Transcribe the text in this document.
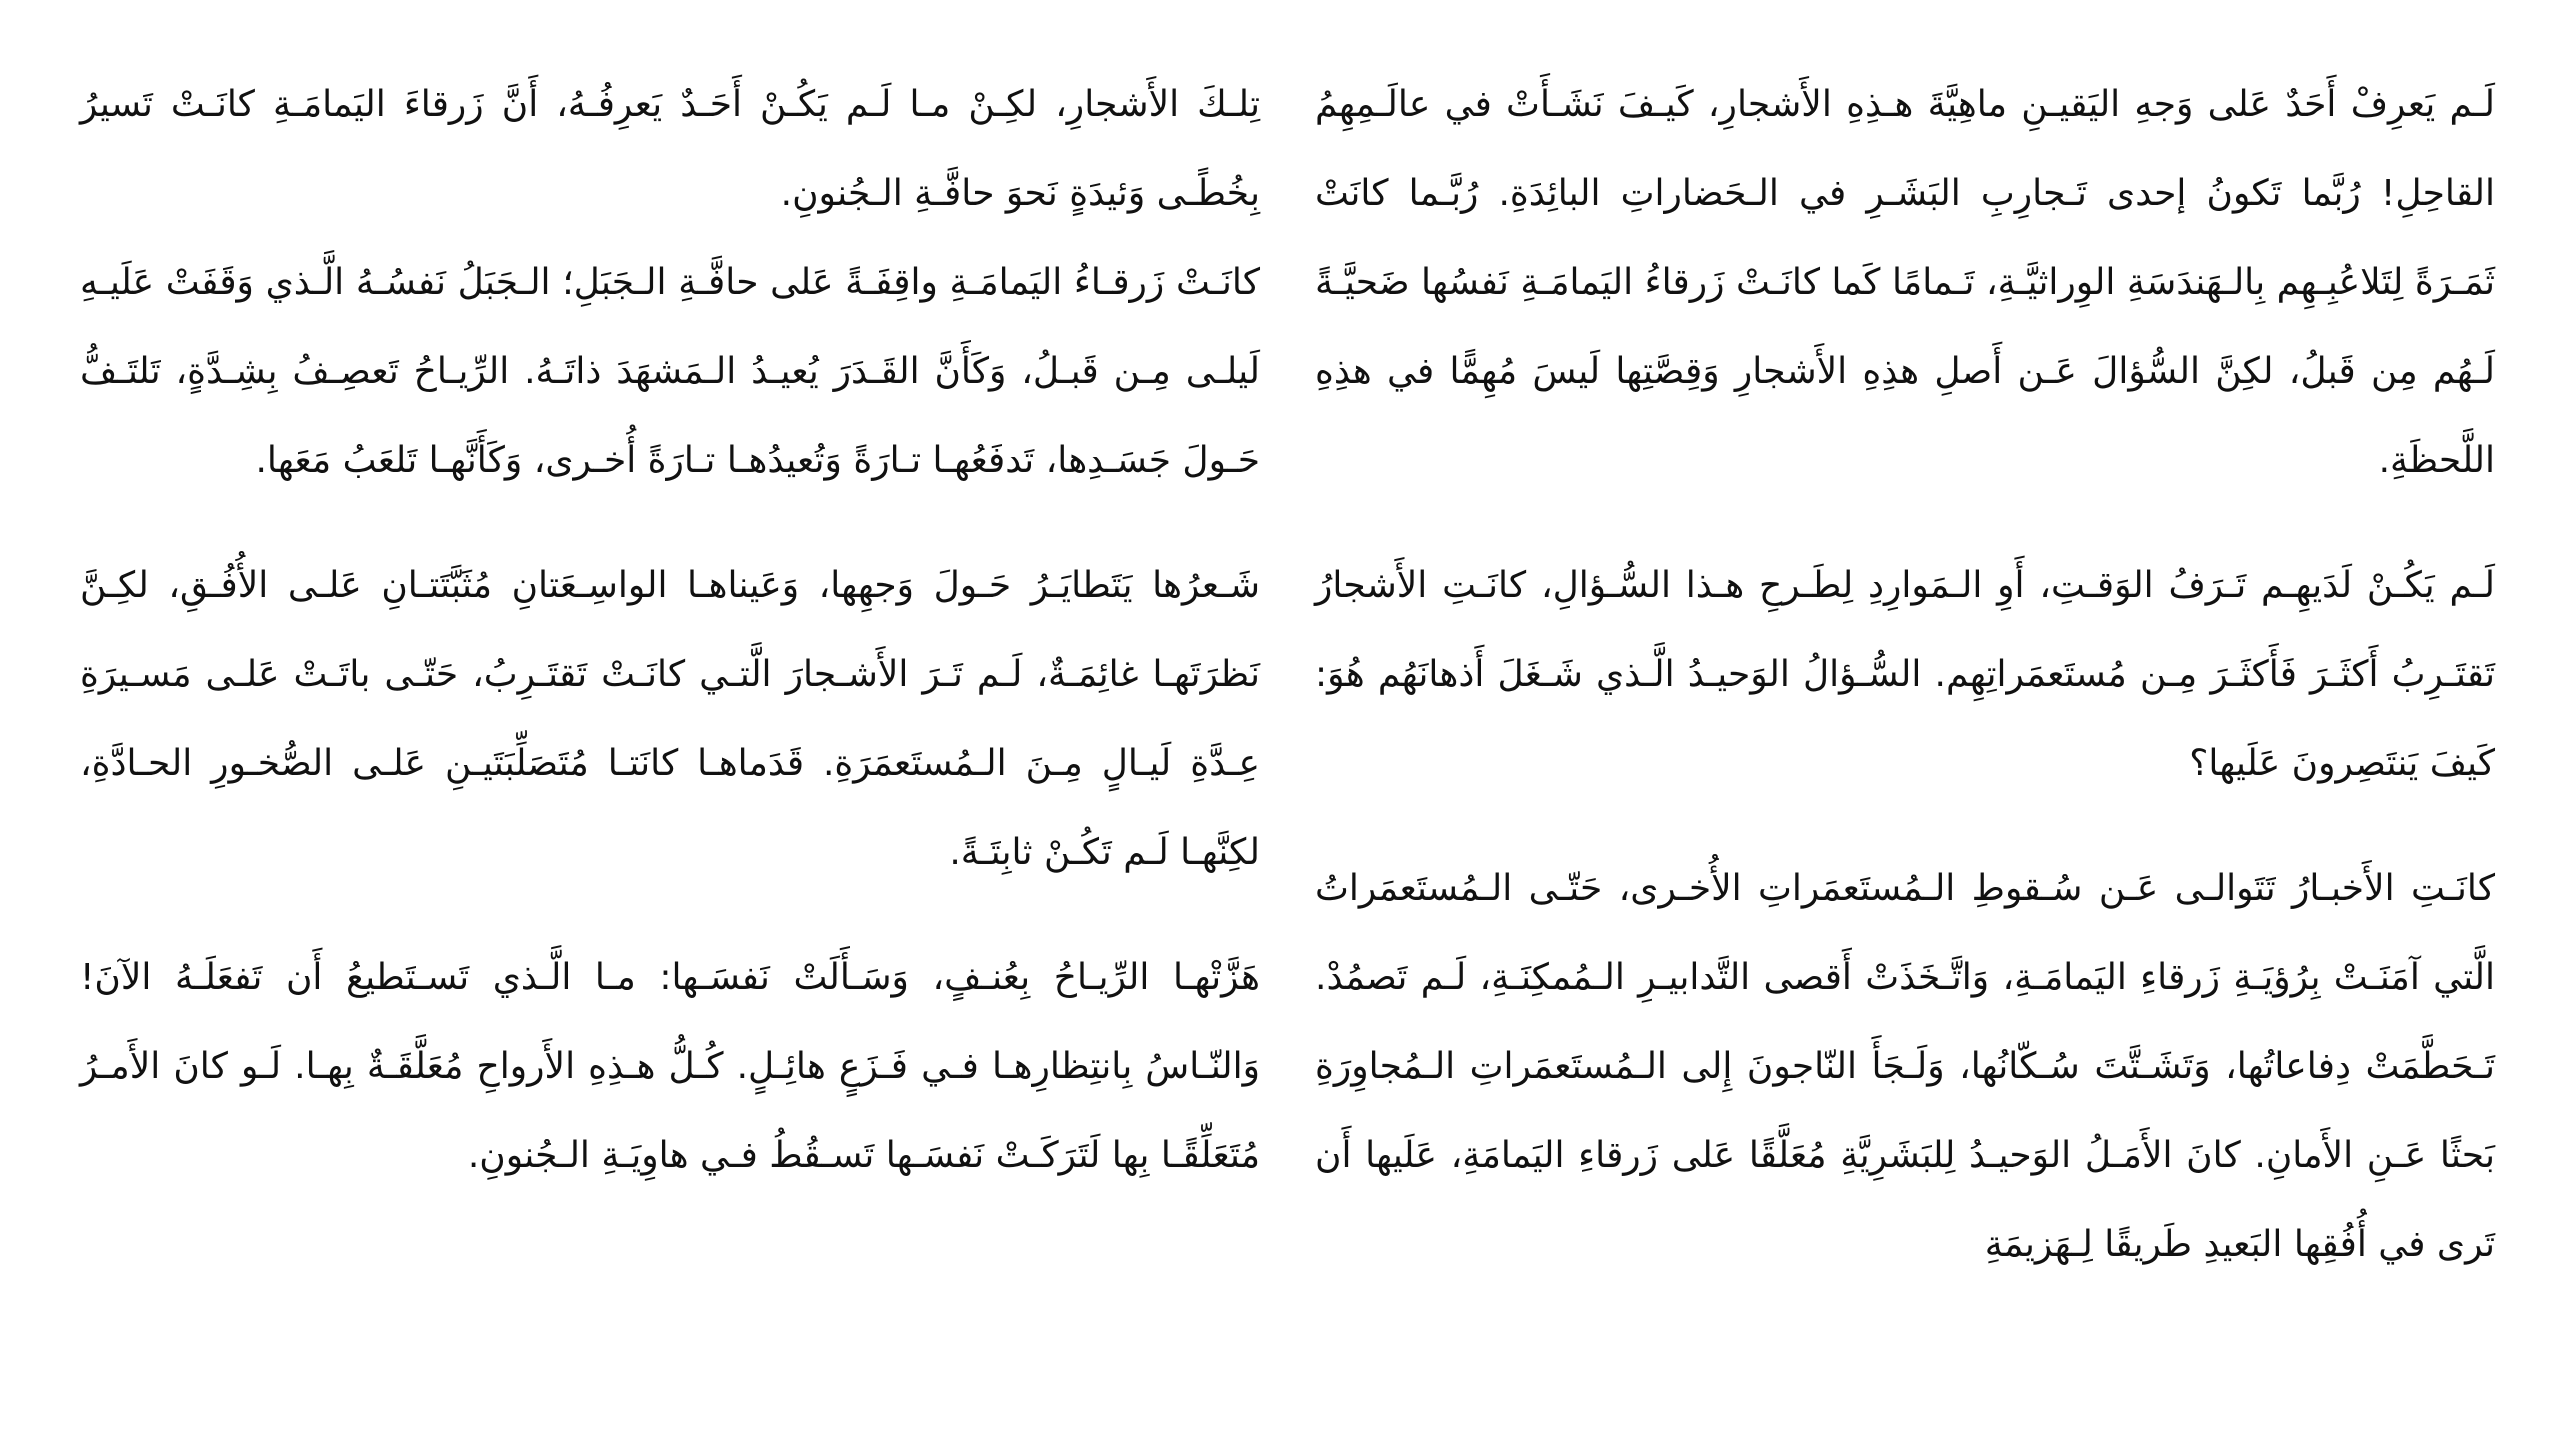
لَـم يَعرِفْ أَحَدٌ عَلى وَجهِ اليَقيـنِ ماهِيَّةَ هـذِهِ الأَشجارِ، كَيـفَ نَشَـأَتْ في عالَـمِهِمُ القاحِلِ! رُبَّما تَكونُ إحدى تَـجارِبِ البَشَـرِ في الـحَضاراتِ البائِدَةِ. رُبَّـما كانَتْ ثَمَـرَةً لِتَلاعُبِـهِم بِالـهَندَسَةِ الوِراثيَّـةِ، تَـمامًا كَما كانَـتْ زَرقاءُ اليَمامَـةِ نَفسُها ضَحيَّـةً لَـهُم مِن قَبلُ، لكِنَّ السُّؤالَ عَـن أَصلِ هذِهِ الأَشجارِ وَقِصَّتِها لَيسَ مُهِمًّا في هذِهِ اللَّحظَةِ.

لَـم يَكُـنْ لَدَيهِـم تَـرَفُ الوَقـتِ، أَوِ الـمَوارِدِ لِطَـرحِ هـذا السُّـؤالِ، كانَـتِ الأَشجارُ تَقتَـرِبُ أَكثَـرَ فَأَكثَـرَ مِـن مُستَعمَراتِهِم. السُّـؤالُ الوَحيـدُ الَّـذي شَـغَلَ أَذهانَهُم هُوَ: كَيفَ يَنتَصِرونَ عَلَيها؟

كانَـتِ الأَخبـارُ تَتَوالـى عَـن سُـقوطِ الـمُستَعمَراتِ الأُخـرى، حَتّـى الـمُستَعمَراتُ الَّتي آمَنَـتْ بِرُؤيَـةِ زَرقاءِ اليَمامَـةِ، وَاتَّـخَذَتْ أَقصى التَّدابيـرِ الـمُمكِنَـةِ، لَـم تَصمُدْ. تَـحَطَّمَتْ دِفاعاتُها، وَتَشَـتَّتَ سُـكّانُها، وَلَـجَأَ النّاجونَ إِلى الـمُستَعمَراتِ الـمُجاوِرَةِ بَحثًا عَـنِ الأَمانِ. كانَ الأَمَـلُ الوَحيـدُ لِلبَشَرِيَّةِ مُعَلَّقًا عَلى زَرقاءِ اليَمامَةِ، عَلَيها أَن تَرى في أُفُقِها البَعيدِ طَريقًا لِـهَزيمَةِ

تِلـكَ الأَشجارِ، لكِـنْ مـا لَـم يَكُـنْ أَحَـدٌ يَعرِفُـهُ، أَنَّ زَرقاءَ اليَمامَـةِ كانَـتْ تَسيرُ بِخُطًـى وَئيدَةٍ نَحوَ حافَّـةِ الـجُنونِ.

كانَـتْ زَرقـاءُ اليَمامَـةِ واقِفَـةً عَلى حافَّـةِ الـجَبَلِ؛ الـجَبَلُ نَفسُـهُ الَّـذي وَقَفَتْ عَلَيـهِ لَيلـى مِـن قَبـلُ، وَكَأَنَّ القَـدَرَ يُعيـدُ الـمَشهَدَ ذاتَـهُ. الرِّيـاحُ تَعصِـفُ بِشِـدَّةٍ، تَلتَـفُّ حَـولَ جَسَـدِها، تَدفَعُهـا تـارَةً وَتُعيدُهـا تـارَةً أُخـرى، وَكَأَنَّهـا تَلعَبُ مَعَها.

شَـعرُها يَتَطايَـرُ حَـولَ وَجهِها، وَعَيناهـا الواسِـعَتانِ مُثَبَّتَتـانِ عَلـى الأُفُـقِ، لكِـنَّ نَظرَتَهـا غائِمَـةٌ، لَـم تَـرَ الأَشـجارَ الَّتـي كانَـتْ تَقتَـرِبُ، حَتّـى باتَـتْ عَلـى مَسـيرَةِ عِـدَّةِ لَيـالٍ مِـنَ الـمُستَعمَرَةِ. قَدَماهـا كانَتـا مُتَصَلِّبَتَيـنِ عَلـى الصُّخـورِ الحـادَّةِ، لكِنَّهـا لَـم تَكُـنْ ثابِتَـةً.

هَزَّتْهـا الرِّيـاحُ بِعُنـفٍ، وَسَـأَلَتْ نَفسَـها: مـا الَّـذي تَسـتَطيعُ أَن تَفعَلَـهُ الآنَ! وَالنّـاسُ بِانتِظارِهـا فـي فَـزَعٍ هائِـلٍ. كُـلُّ هـذِهِ الأَرواحِ مُعَلَّقَـةٌ بِهـا. لَـو كانَ الأَمـرُ مُتَعَلِّقًـا بِها لَتَرَكَـتْ نَفسَـها تَسـقُطُ فـي هاوِيَـةِ الـجُنونِ.
